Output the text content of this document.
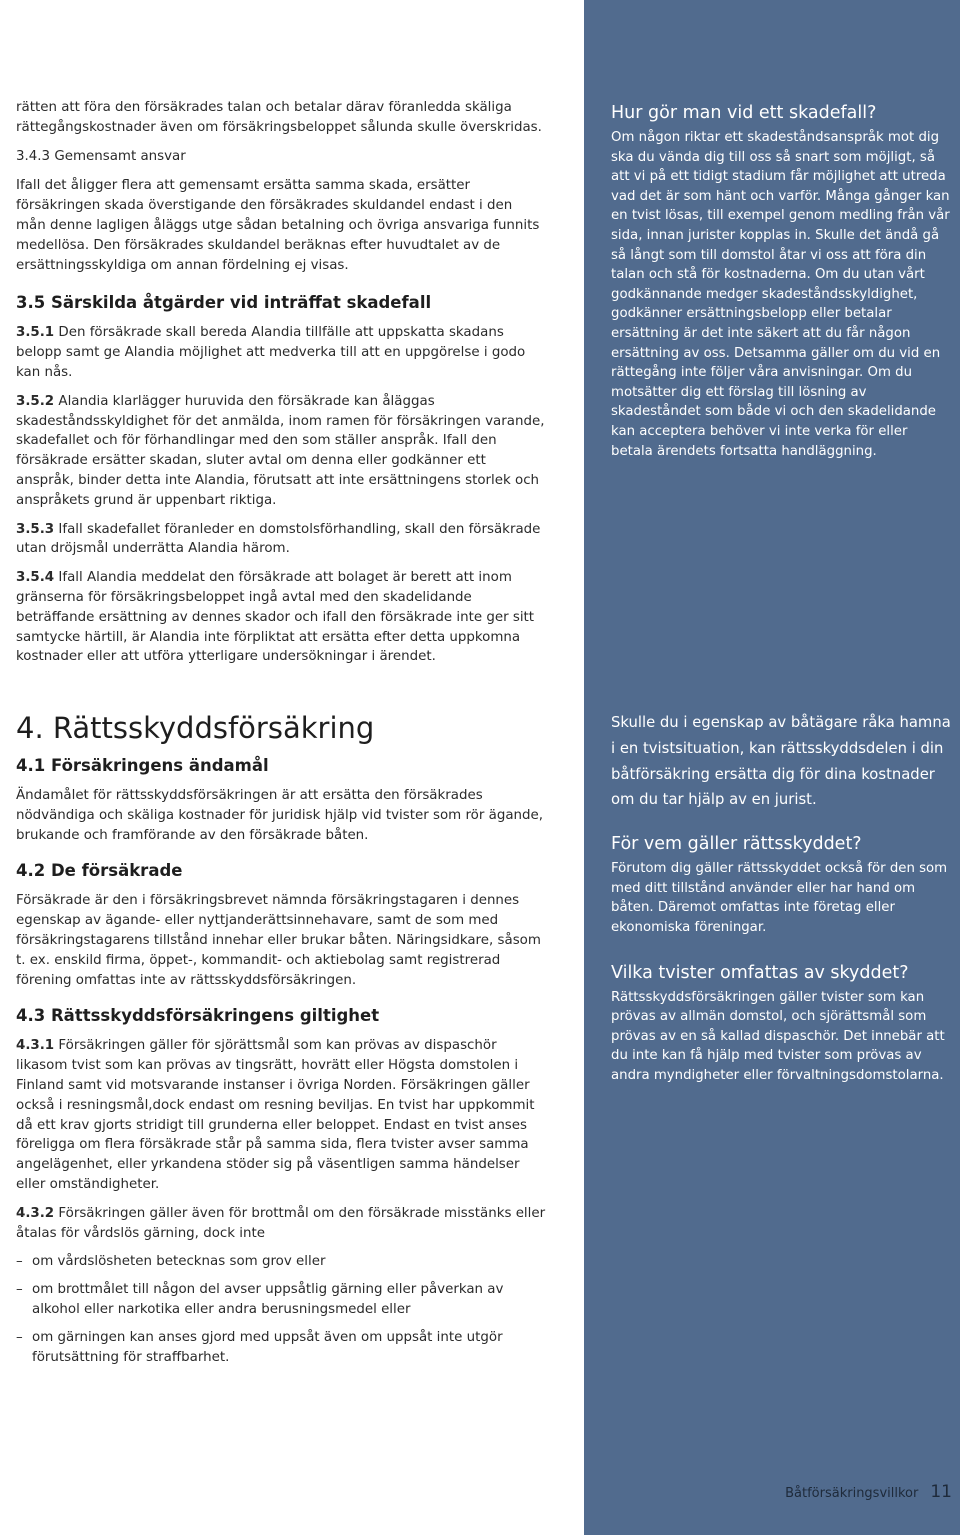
rätten att föra den försäkrades talan och betalar därav föranledda skäliga rättegångskostnader även om försäkringsbeloppet sålunda skulle överskridas.

3.4.3 Gemensamt ansvar

Ifall det åligger flera att gemensamt ersätta samma skada, ersätter försäkringen skada överstigande den försäkrades skuldandel endast i den mån denne lagligen åläggs utge sådan betalning och övriga ansvariga funnits medellösa. Den försäkrades skuldandel beräknas efter huvudtalet av de ersättningsskyldiga om annan fördelning ej visas.

3.5 Särskilda åtgärder vid inträffat skadefall

3.5.1 Den försäkrade skall bereda Alandia tillfälle att uppskatta skadans belopp samt ge Alandia möjlighet att medverka till att en uppgörelse i godo kan nås.

3.5.2 Alandia klarlägger huruvida den försäkrade kan åläggas skadeståndsskyldighet för det anmälda, inom ramen för försäkringen varande, skadefallet och för förhandlingar med den som ställer anspråk. Ifall den försäkrade ersätter skadan, sluter avtal om denna eller godkänner ett anspråk, binder detta inte Alandia, förutsatt att inte ersättningens storlek och anspråkets grund är uppenbart riktiga.

3.5.3 Ifall skadefallet föranleder en domstolsförhandling, skall den försäkrade utan dröjsmål underrätta Alandia härom.

3.5.4 Ifall Alandia meddelat den försäkrade att bolaget är berett att inom gränserna för försäkringsbeloppet ingå avtal med den skadelidande beträffande ersättning av dennes skador och ifall den försäkrade inte ger sitt samtycke härtill, är Alandia inte förpliktat att ersätta efter detta uppkomna kostnader eller att utföra ytterligare undersökningar i ärendet.

4. Rättsskyddsförsäkring
4.1 Försäkringens ändamål

Ändamålet för rättsskyddsförsäkringen är att ersätta den försäkrades nödvändiga och skäliga kostnader för juridisk hjälp vid tvister som rör ägande, brukande och framförande av den försäkrade båten.

4.2 De försäkrade

Försäkrade är den i försäkringsbrevet nämnda försäkringstagaren i dennes egenskap av ägande- eller nyttjanderättsinnehavare, samt de som med försäkringstagarens tillstånd innehar eller brukar båten. Näringsidkare, såsom t. ex. enskild firma, öppet-, kommandit- och aktiebolag samt registrerad förening omfattas inte av rättsskyddsförsäkringen.

4.3 Rättsskyddsförsäkringens giltighet

4.3.1 Försäkringen gäller för sjörättsmål som kan prövas av dispaschör likasom tvist som kan prövas av tingsrätt, hovrätt eller Högsta domstolen i Finland samt vid motsvarande instanser i övriga Norden. Försäkringen gäller också i resningsmål,dock endast om resning beviljas. En tvist har uppkommit då ett krav gjorts stridigt till grunderna eller beloppet. Endast en tvist anses föreligga om flera försäkrade står på samma sida, flera tvister avser samma angelägenhet, eller yrkandena stöder sig på väsentligen samma händelser eller omständigheter.

4.3.2 Försäkringen gäller även för brottmål om den försäkrade misstänks eller åtalas för vårdslös gärning, dock inte

– om vårdslösheten betecknas som grov eller

– om brottmålet till någon del avser uppsåtlig gärning eller påverkan av alkohol eller narkotika eller andra berusningsmedel eller

– om gärningen kan anses gjord med uppsåt även om uppsåt inte utgör förutsättning för straffbarhet.

Hur gör man vid ett skadefall?

Om någon riktar ett skadeståndsanspråk mot dig ska du vända dig till oss så snart som möjligt, så att vi på ett tidigt stadium får möjlighet att utreda vad det är som hänt och varför. Många gånger kan en tvist lösas, till exempel genom medling från vår sida, innan jurister kopplas in. Skulle det ändå gå så långt som till domstol åtar vi oss att föra din talan och stå för kostnaderna. Om du utan vårt godkännande medger skadeståndsskyldighet, godkänner ersättningsbelopp eller betalar ersättning är det inte säkert att du får någon ersättning av oss. Detsamma gäller om du vid en rättegång inte följer våra anvisningar. Om du motsätter dig ett förslag till lösning av skadeståndet som både vi och den skadelidande kan acceptera behöver vi inte verka för eller betala ärendets fortsatta handläggning.

Skulle du i egenskap av båtägare råka hamna i en tvistsituation, kan rättsskyddsdelen i din båtförsäkring ersätta dig för dina kostnader om du tar hjälp av en jurist.

För vem gäller rättsskyddet?

Förutom dig gäller rättsskyddet också för den som med ditt tillstånd använder eller har hand om båten. Däremot omfattas inte företag eller ekonomiska föreningar.

Vilka tvister omfattas av skyddet?

Rättsskyddsförsäkringen gäller tvister som kan prövas av allmän domstol, och sjörättsmål som prövas av en så kallad dispaschör. Det innebär att du inte kan få hjälp med tvister som prövas av andra myndigheter eller förvaltningsdomstolarna.

Båtförsäkringsvillkor 11
